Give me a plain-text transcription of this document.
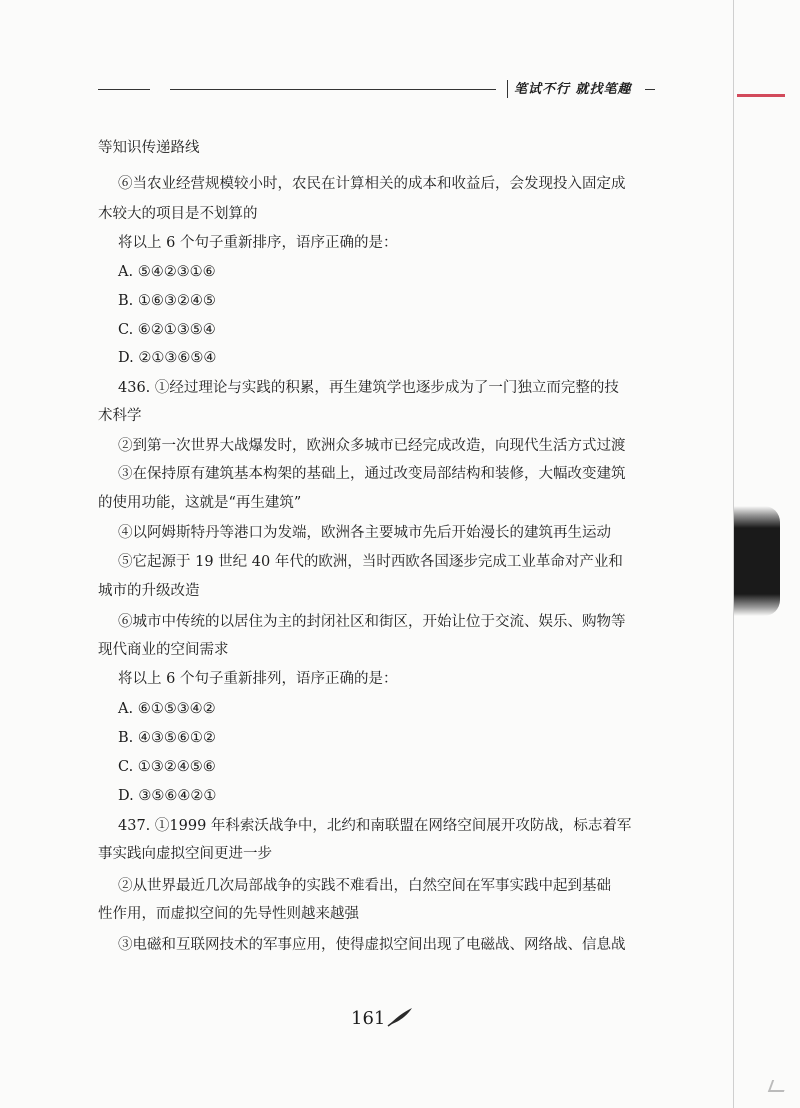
笔试不行 就找笔趣
等知识传递路线
⑥当农业经营规模较小时，农民在计算相关的成本和收益后，会发现投入固定成
木较大的项目是不划算的
将以上 6 个句子重新排序，语序正确的是：
A. ⑤④②③①⑥
B. ①⑥③②④⑤
C. ⑥②①③⑤④
D. ②①③⑥⑤④
436. ①经过理论与实践的积累，再生建筑学也逐步成为了一门独立而完整的技
术科学
②到第一次世界大战爆发时，欧洲众多城市已经完成改造，向现代生活方式过渡
③在保持原有建筑基本构架的基础上，通过改变局部结构和装修，大幅改变建筑
的使用功能，这就是“再生建筑”
④以阿姆斯特丹等港口为发端，欧洲各主要城市先后开始漫长的建筑再生运动
⑤它起源于 19 世纪 40 年代的欧洲，当时西欧各国逐步完成工业革命对产业和
城市的升级改造
⑥城市中传统的以居住为主的封闭社区和街区，开始让位于交流、娱乐、购物等
现代商业的空间需求
将以上 6 个句子重新排列，语序正确的是：
A. ⑥①⑤③④②
B. ④③⑤⑥①②
C. ①③②④⑤⑥
D. ③⑤⑥④②①
437. ①1999 年科索沃战争中，北约和南联盟在网络空间展开攻防战，标志着军
事实践向虚拟空间更进一步
②从世界最近几次局部战争的实践不难看出，白然空间在军事实践中起到基础
性作用，而虚拟空间的先导性则越来越强
③电磁和互联网技术的军事应用，使得虚拟空间出现了电磁战、网络战、信息战
161
